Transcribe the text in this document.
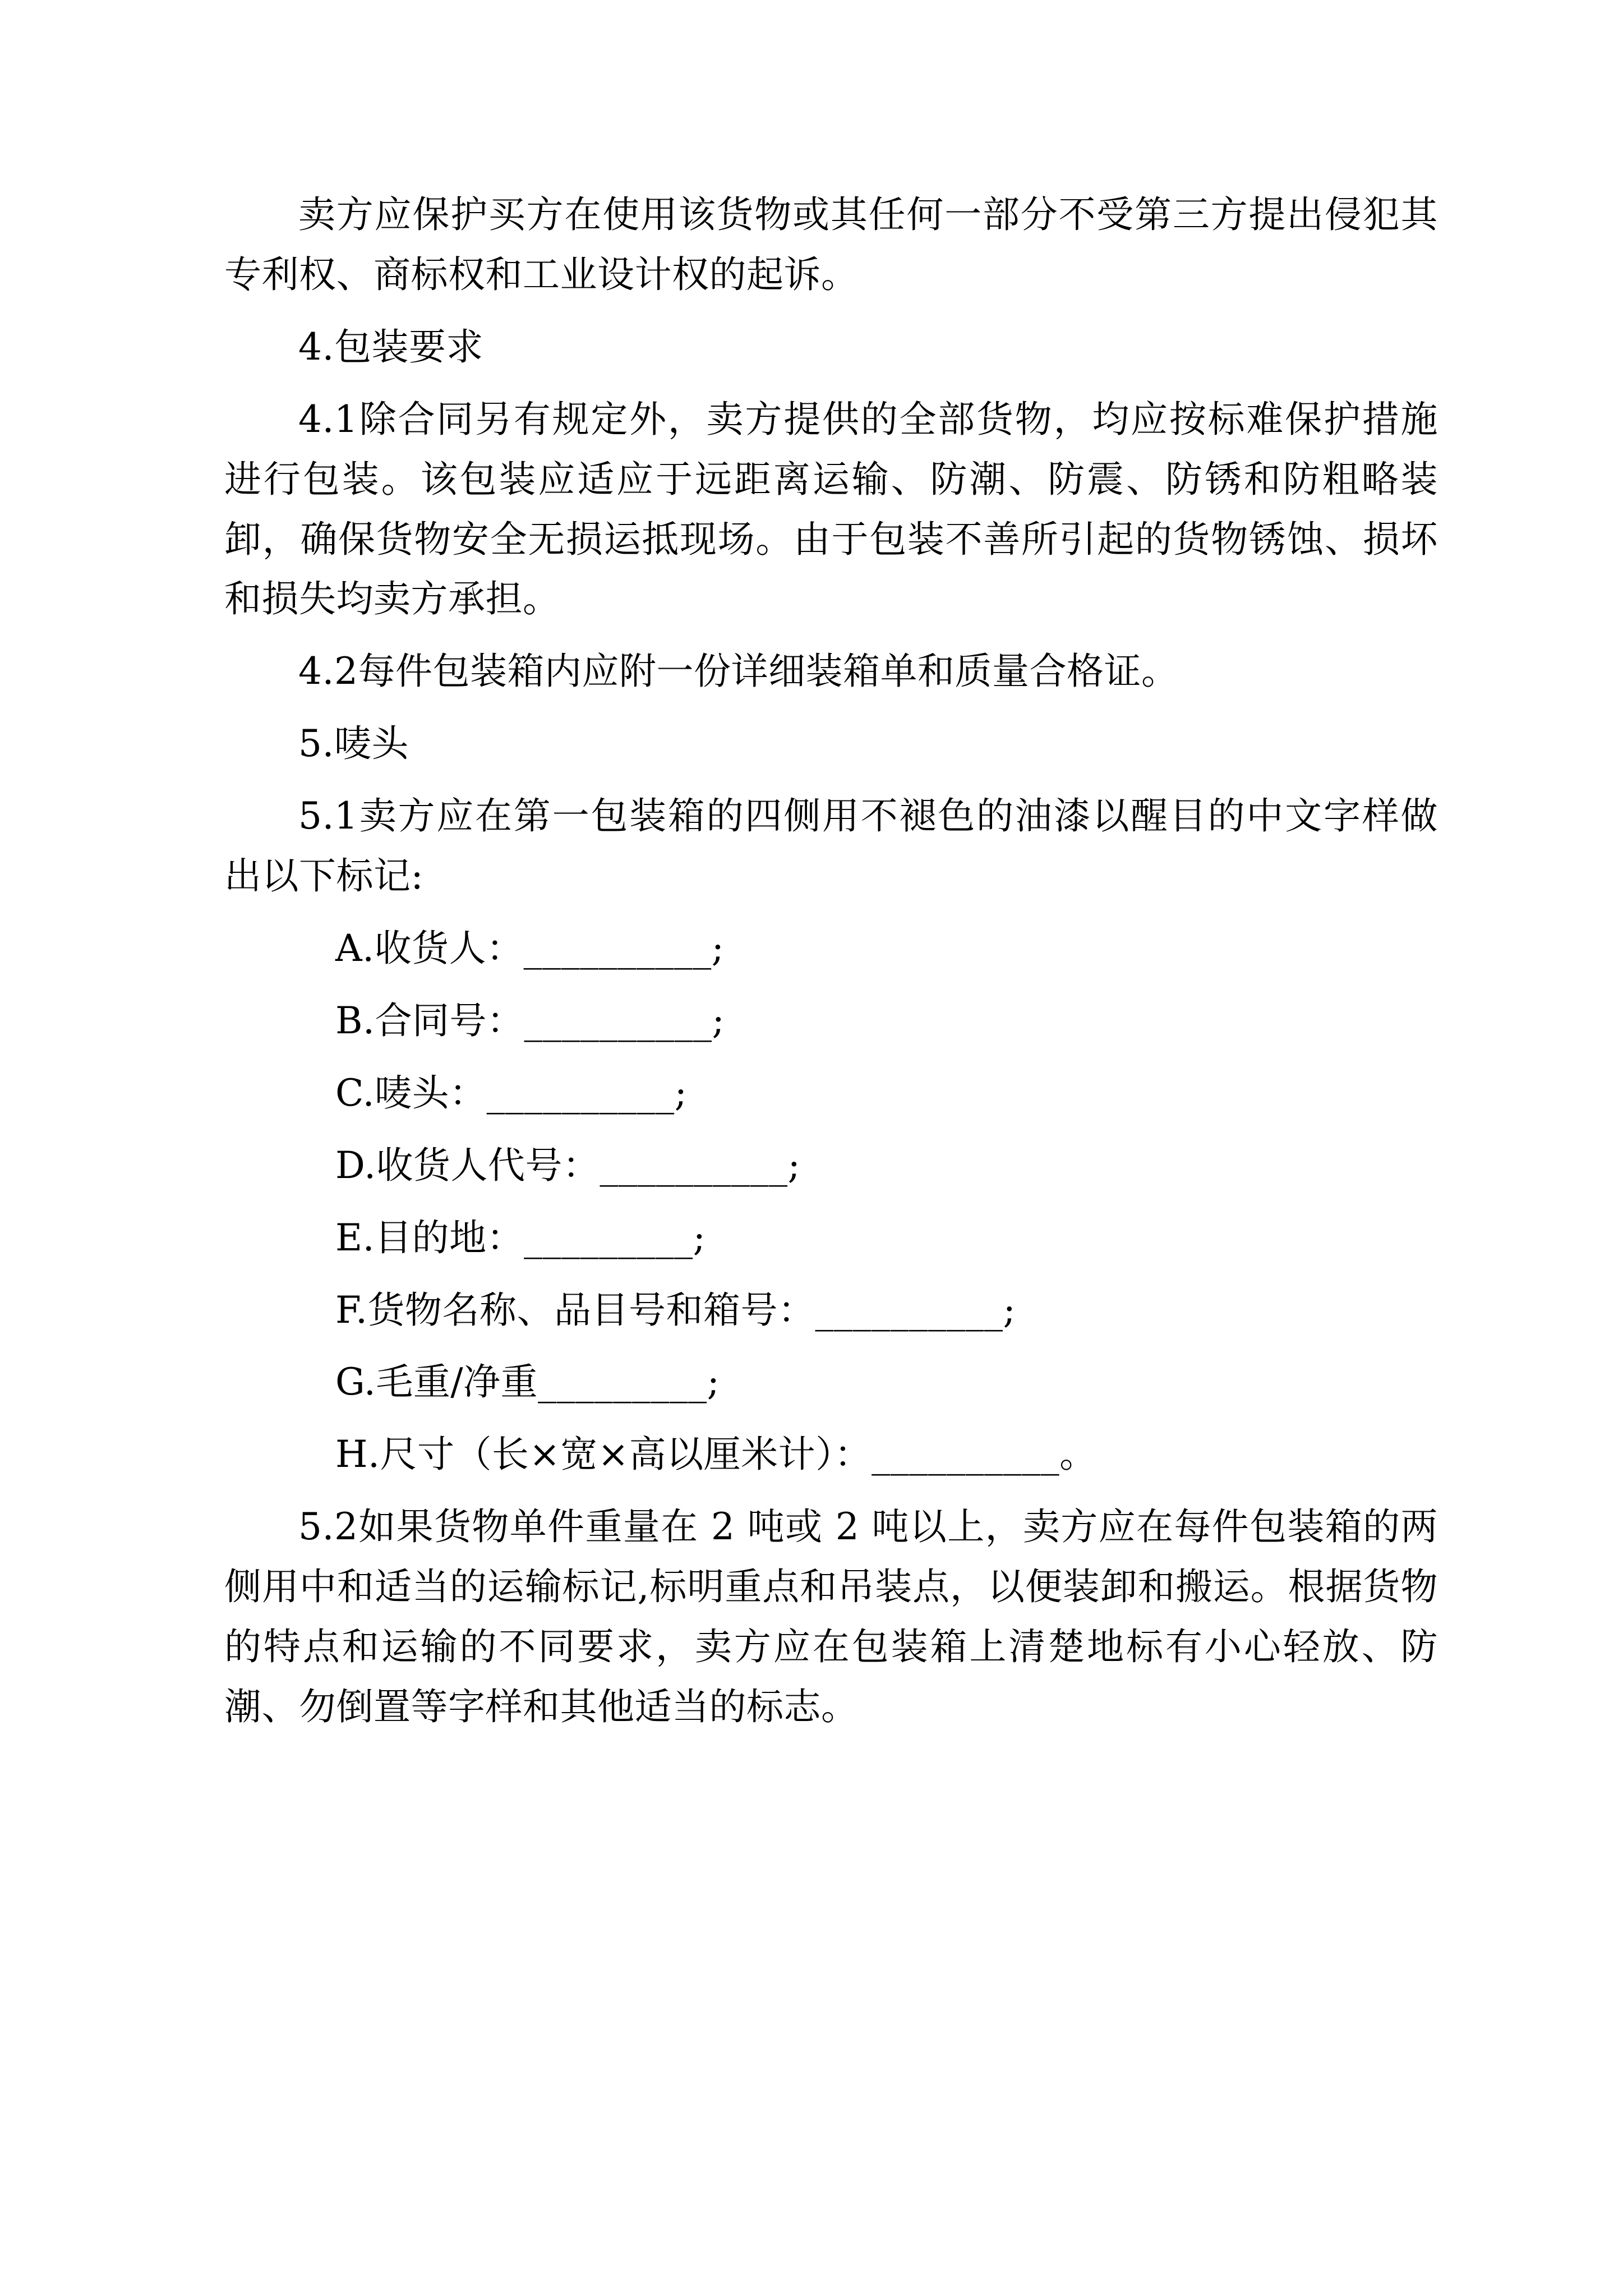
卖方应保护买方在使用该货物或其任何一部分不受第三方提出侵犯其专利权、商标权和工业设计权的起诉。

4.包装要求

4.1除合同另有规定外，卖方提供的全部货物，均应按标难保护措施进行包装。该包装应适应于远距离运输、防潮、防震、防锈和防粗略装卸，确保货物安全无损运抵现场。由于包装不善所引起的货物锈蚀、损坏和损失均卖方承担。

4.2每件包装箱内应附一份详细装箱单和质量合格证。

5.唛头

5.1卖方应在第一包装箱的四侧用不褪色的油漆以醒目的中文字样做出以下标记:

A.收货人：__________;

B.合同号：__________;

C.唛头：__________;

D.收货人代号：__________;

E.目的地：_________;

F.货物名称、品目号和箱号：__________;

G.毛重/净重_________;

H.尺寸（长×宽×高以厘米计）：__________。

5.2如果货物单件重量在 2 吨或 2 吨以上，卖方应在每件包装箱的两侧用中和适当的运输标记,标明重点和吊装点，以便装卸和搬运。根据货物的特点和运输的不同要求，卖方应在包装箱上清楚地标有小心轻放、防潮、勿倒置等字样和其他适当的标志。
